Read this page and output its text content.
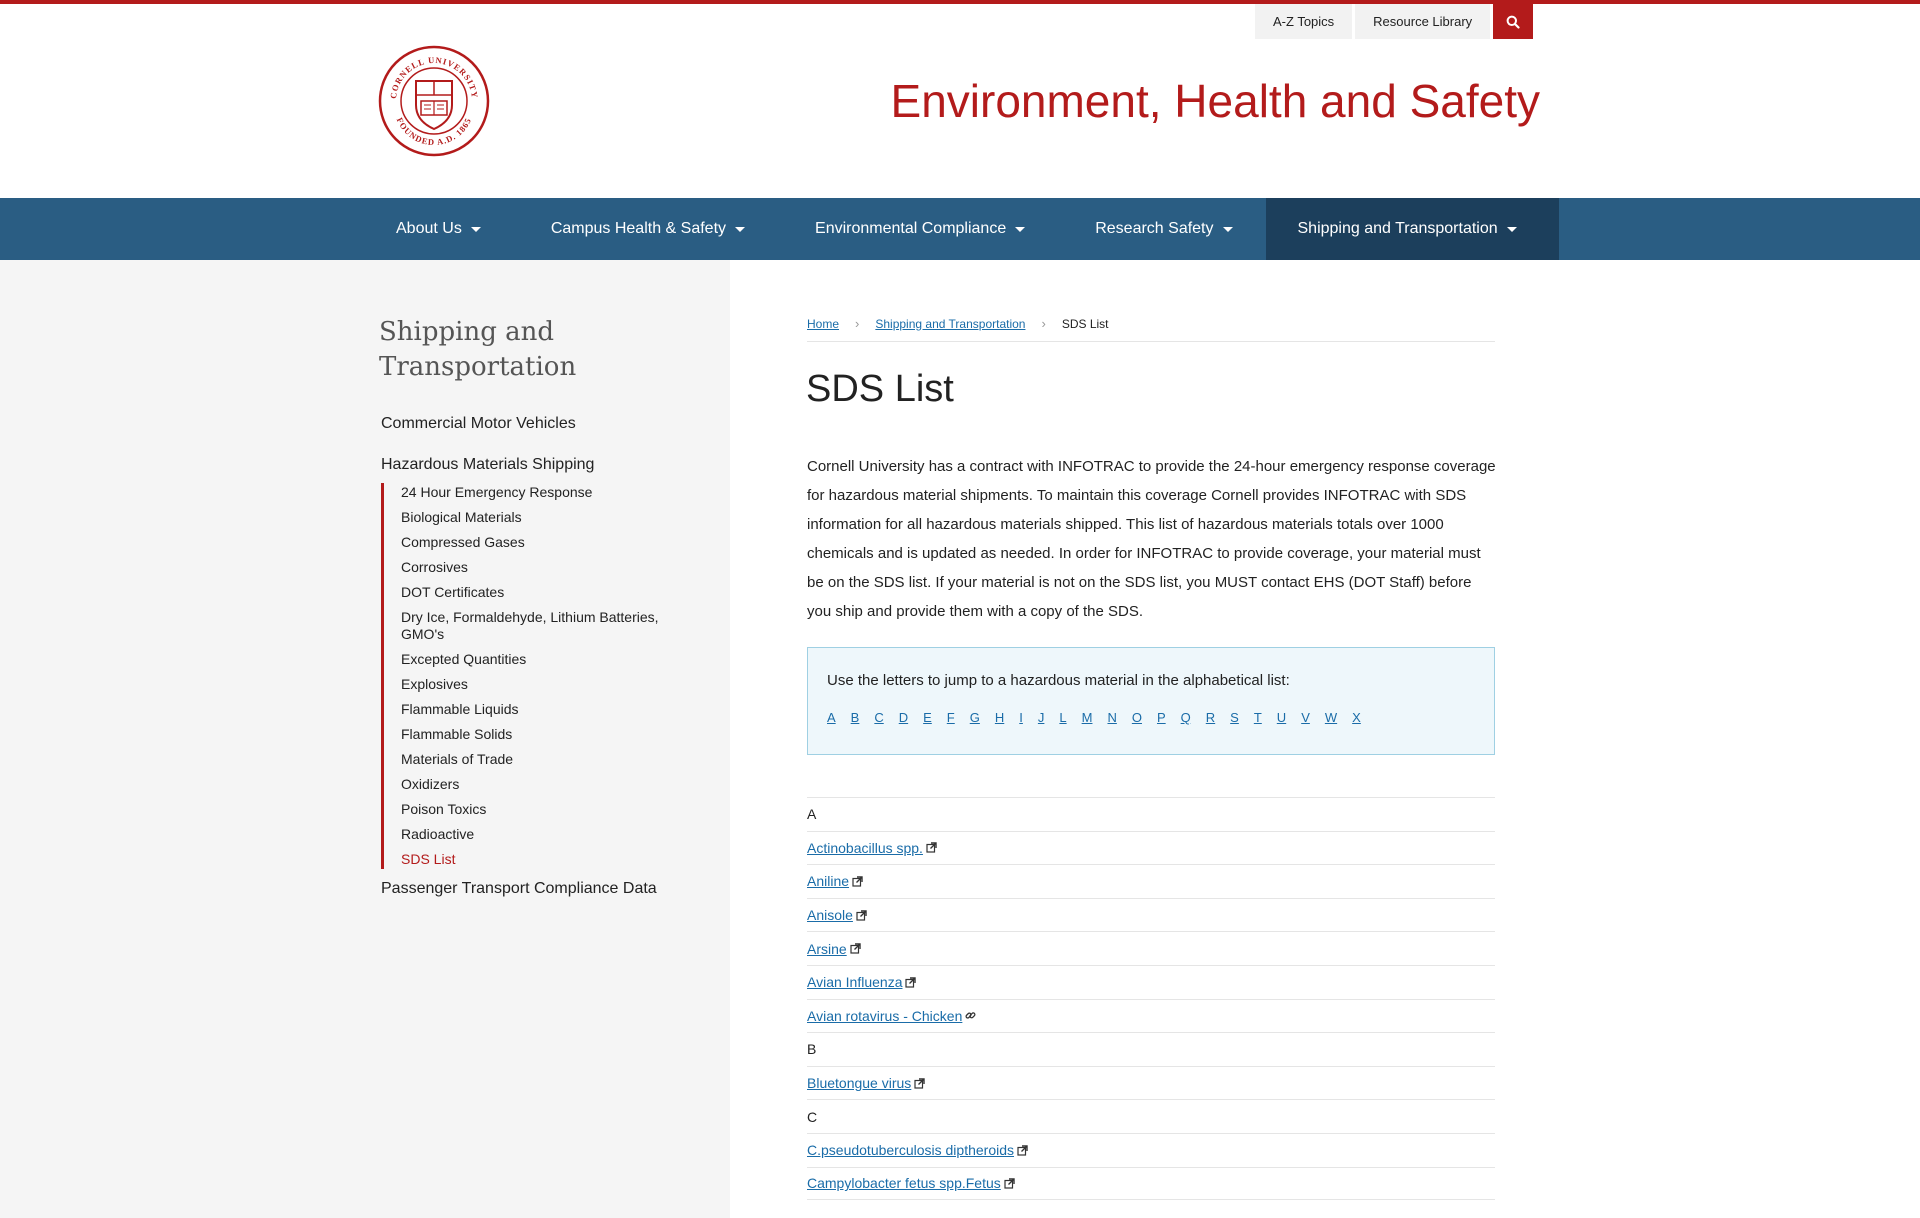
A-Z Topics	Resource Library
CORNELL UNIVERSITY
FOUNDED A.D. 1865	Environment, Health and Safety
About Us	Campus Health & Safety	Environmental Compliance	Research Safety	Shipping and Transportation
Shipping and Transportation
Commercial Motor Vehicles
Hazardous Materials Shipping
24 Hour Emergency Response
Biological Materials
Compressed Gases
Corrosives
DOT Certificates
Dry Ice, Formaldehyde, Lithium Batteries, GMO's
Excepted Quantities
Explosives
Flammable Liquids
Flammable Solids
Materials of Trade
Oxidizers
Poison Toxics
Radioactive
SDS List
Passenger Transport Compliance Data
Home › Shipping and Transportation › SDS List
SDS List

Cornell University has a contract with INFOTRAC to provide the 24-hour emergency response coverage for hazardous material shipments. To maintain this coverage Cornell provides INFOTRAC with SDS information for all hazardous materials shipped. This list of hazardous materials totals over 1000 chemicals and is updated as needed. In order for INFOTRAC to provide coverage, your material must be on the SDS list. If your material is not on the SDS list, you MUST contact EHS (DOT Staff) before you ship and provide them with a copy of the SDS.

Use the letters to jump to a hazardous material in the alphabetical list:
A B C D E F G H I J L M N O P Q R S T U V W X
A
Actinobacillus spp.
Aniline
Anisole
Arsine
Avian Influenza
Avian rotavirus - Chicken
B
Bluetongue virus
C
C.pseudotuberculosis diptheroids
Campylobacter fetus spp.Fetus
